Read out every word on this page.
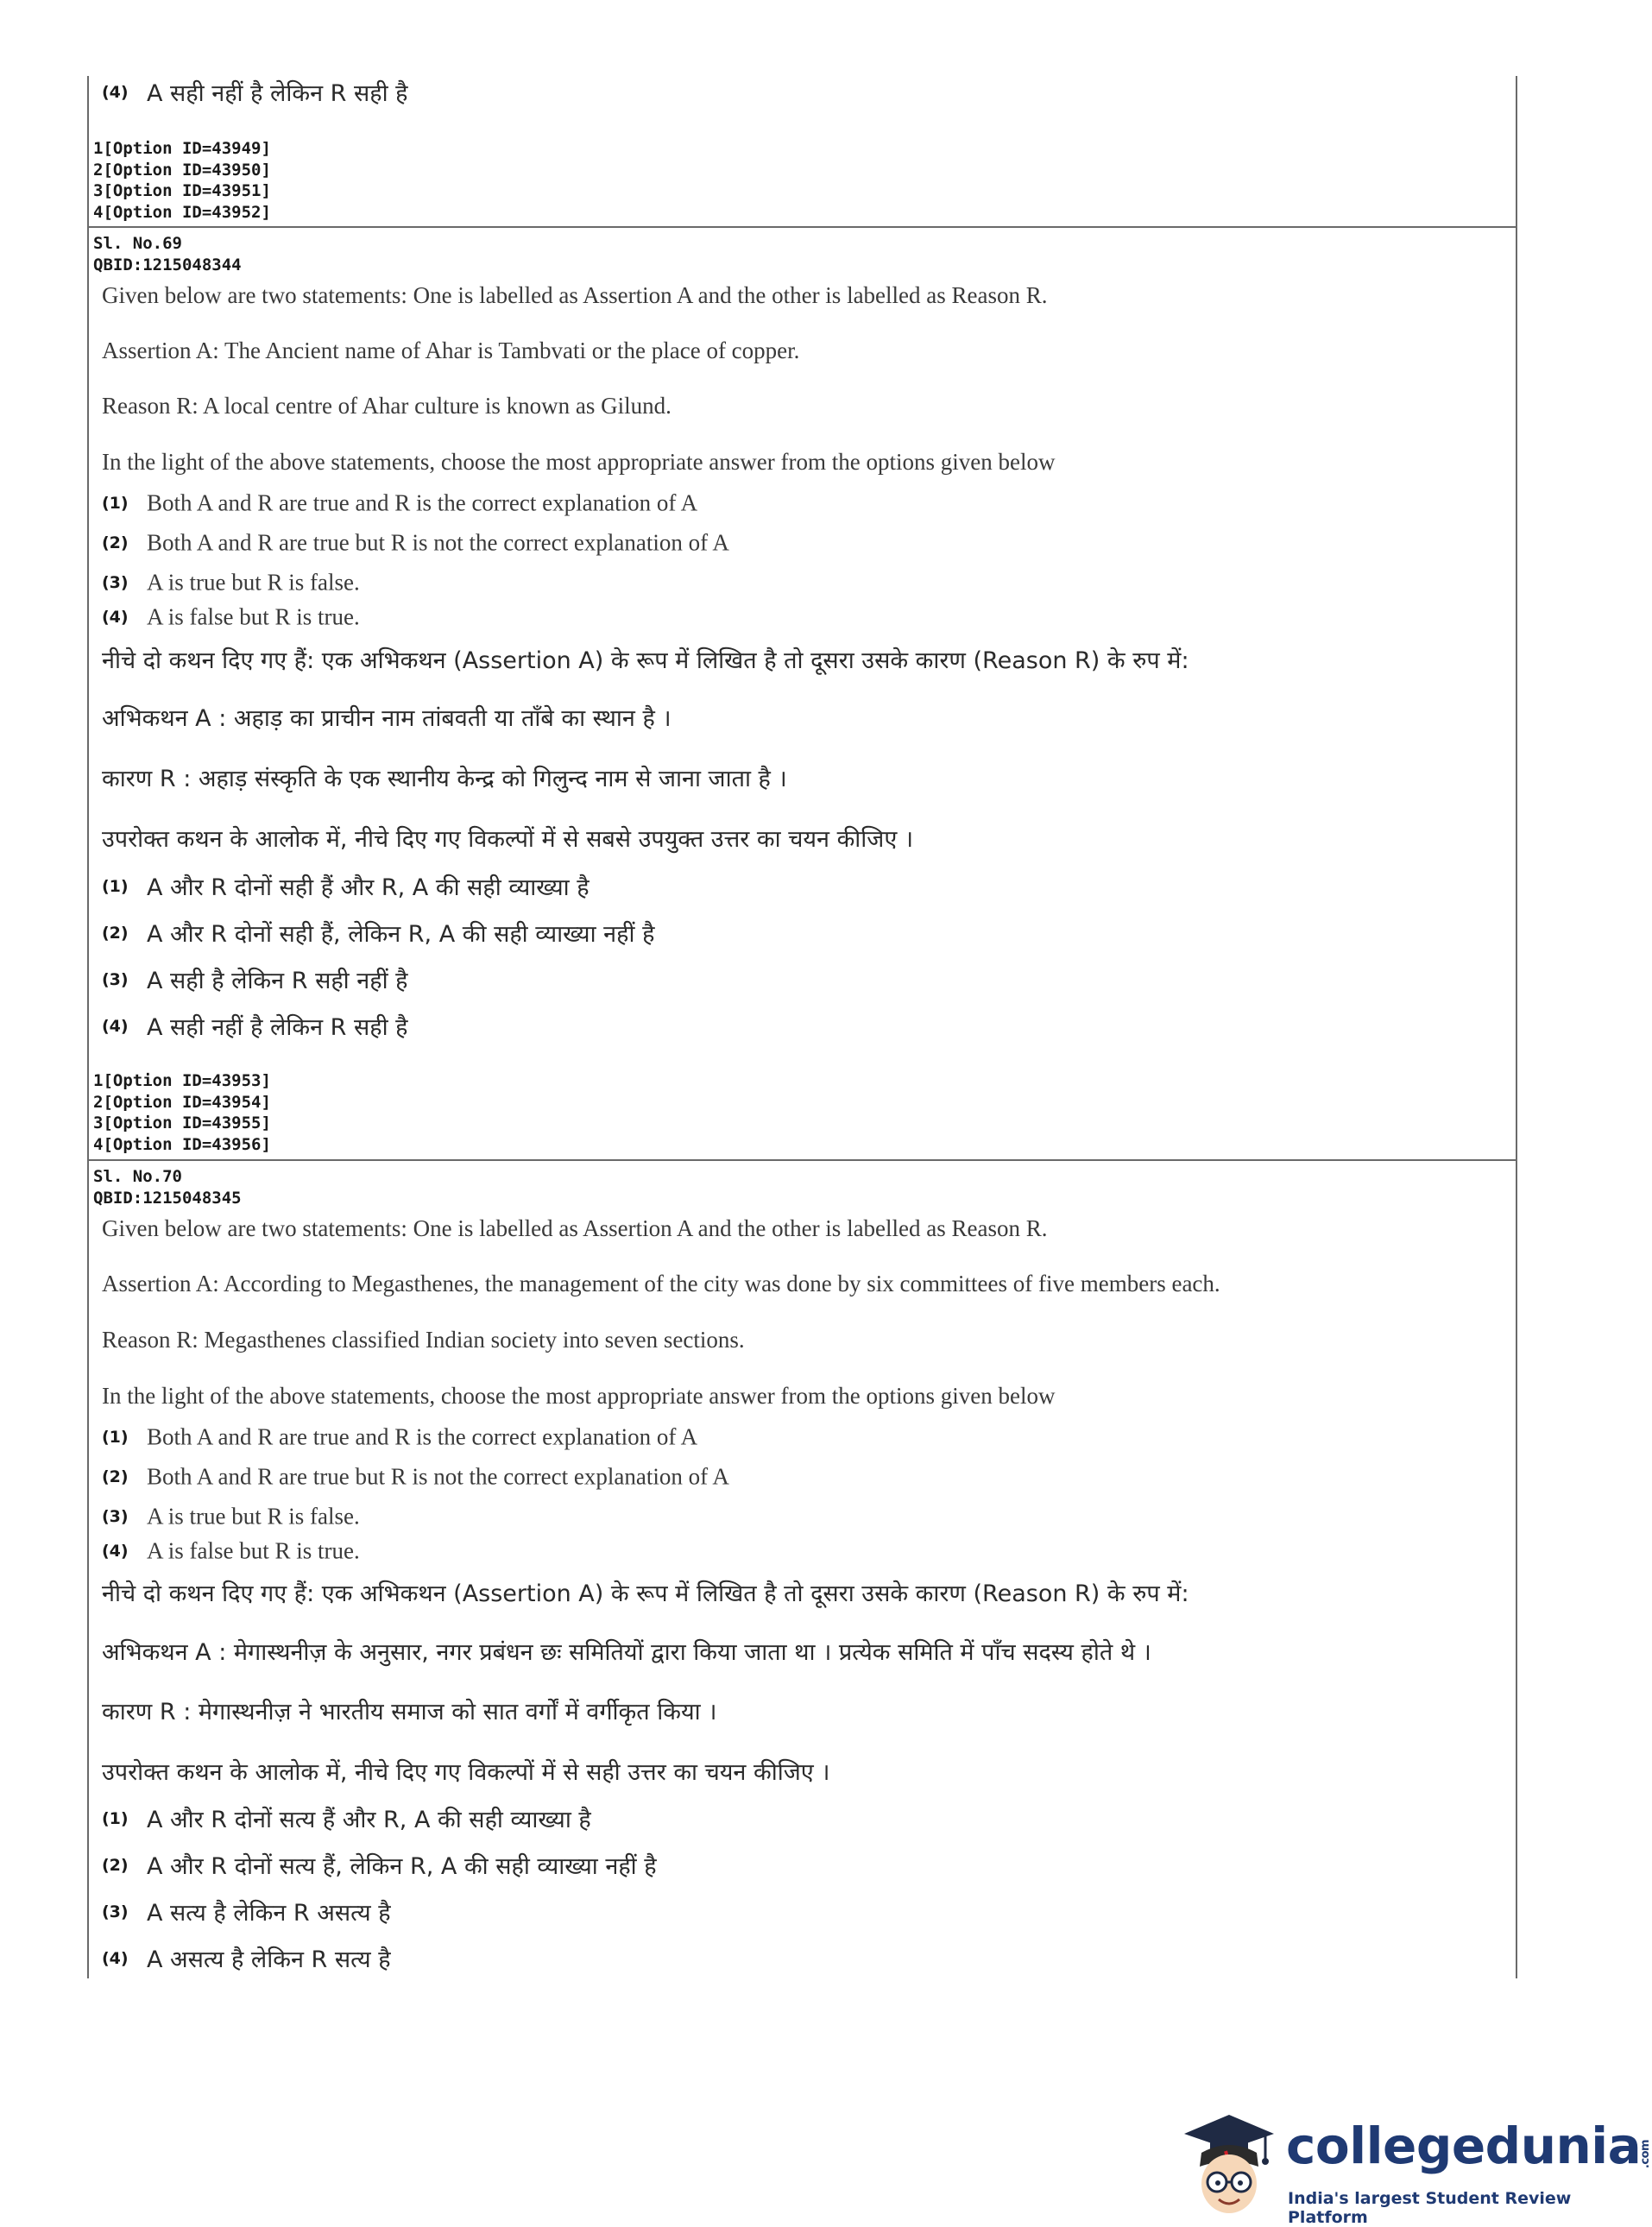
(4) A सही नहीं है लेकिन R सही है
1[Option ID=43949]
2[Option ID=43950]
3[Option ID=43951]
4[Option ID=43952]
Sl. No.69
QBID:1215048344
Given below are two statements: One is labelled as Assertion A and the other is labelled as Reason R.
Assertion A: The Ancient name of Ahar is Tambvati or the place of copper.
Reason R: A local centre of Ahar culture is known as Gilund.
In the light of the above statements, choose the most appropriate answer from the options given below
(1) Both A and R are true and R is the correct explanation of A
(2) Both A and R are true but R is not the correct explanation of A
(3) A is true but R is false.
(4) A is false but R is true.
नीचे दो कथन दिए गए हैं: एक अभिकथन (Assertion A) के रूप में लिखित है तो दूसरा उसके कारण (Reason R) के रुप में:
अभिकथन A : अहाड़ का प्राचीन नाम तांबवती या ताँबे का स्थान है ।
कारण R : अहाड़ संस्कृति के एक स्थानीय केन्द्र को गिलुन्द नाम से जाना जाता है ।
उपरोक्त कथन के आलोक में, नीचे दिए गए विकल्पों में से सबसे उपयुक्त उत्तर का चयन कीजिए ।
(1) A और R दोनों सही हैं और R, A की सही व्याख्या है
(2) A और R दोनों सही हैं, लेकिन R, A की सही व्याख्या नहीं है
(3) A सही है लेकिन R सही नहीं है
(4) A सही नहीं है लेकिन R सही है
1[Option ID=43953]
2[Option ID=43954]
3[Option ID=43955]
4[Option ID=43956]
Sl. No.70
QBID:1215048345
Given below are two statements: One is labelled as Assertion A and the other is labelled as Reason R.
Assertion A: According to Megasthenes, the management of the city was done by six committees of five members each.
Reason R: Megasthenes classified Indian society into seven sections.
In the light of the above statements, choose the most appropriate answer from the options given below
(1) Both A and R are true and R is the correct explanation of A
(2) Both A and R are true but R is not the correct explanation of A
(3) A is true but R is false.
(4) A is false but R is true.
नीचे दो कथन दिए गए हैं: एक अभिकथन (Assertion A) के रूप में लिखित है तो दूसरा उसके कारण (Reason R) के रुप में:
अभिकथन A : मेगास्थनीज़ के अनुसार, नगर प्रबंधन छः समितियों द्वारा किया जाता था । प्रत्येक समिति में पाँच सदस्य होते थे ।
कारण R : मेगास्थनीज़ ने भारतीय समाज को सात वर्गों में वर्गीकृत किया ।
उपरोक्त कथन के आलोक में, नीचे दिए गए विकल्पों में से सही उत्तर का चयन कीजिए ।
(1) A और R दोनों सत्य हैं और R, A की सही व्याख्या है
(2) A और R दोनों सत्य हैं, लेकिन R, A की सही व्याख्या नहीं है
(3) A सत्य है लेकिन R असत्य है
(4) A असत्य है लेकिन R सत्य है
collegedunia
.com
India's largest Student Review Platform
